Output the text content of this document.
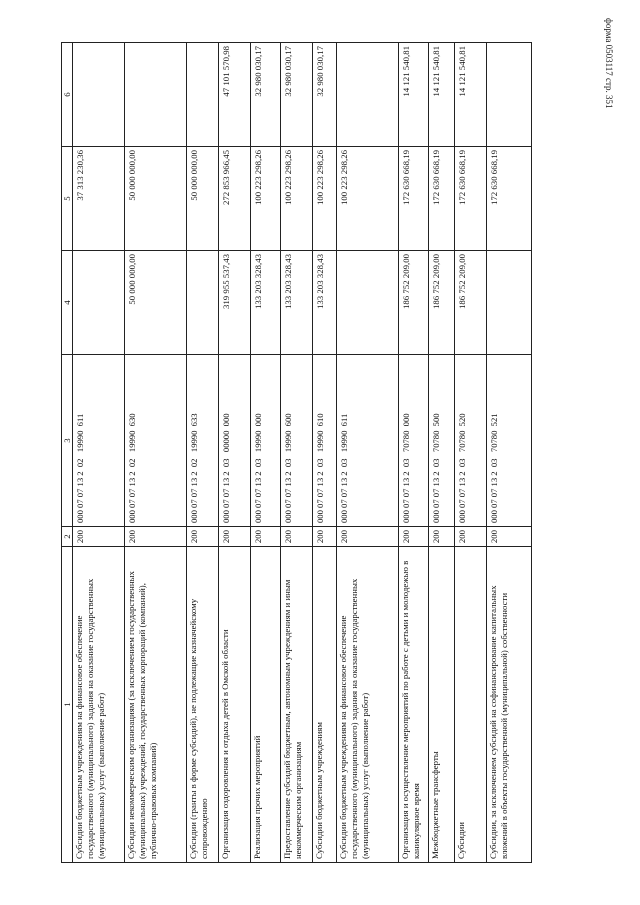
форма 0503117 стр. 351
1	2	3	4	5	6
Субсидии бюджетным учреждениям на финансовое обеспечение государственного (муниципального) задания на оказание государственных (муниципальных) услуг (выполнение работ)	200	000 07 07 13 2  02   19990  611		37 313 230,36	
Субсидии некоммерческим организациям (за исключением государственных (муниципальных) учреждений, государственных корпораций (компаний), публично-правовых компаний)	200	000 07 07 13 2  02   19990  630	50 000 000,00	50 000 000,00	
Субсидии (гранты в форме субсидий), не подлежащие казначейскому сопровождению	200	000 07 07 13 2  02   19990  633		50 000 000,00	
Организация оздоровления и отдыха детей в Омской области	200	000 07 07 13 2  03   00000  000	319 955 537,43	272 853 966,45	47 101 570,98
Реализация прочих мероприятий	200	000 07 07 13 2  03   19990  000	133 203 328,43	100 223 298,26	32 980 030,17
Предоставление субсидий бюджетным, автономным учреждениям и иным некоммерческим организациям	200	000 07 07 13 2  03   19990  600	133 203 328,43	100 223 298,26	32 980 030,17
Субсидии бюджетным учреждениям	200	000 07 07 13 2  03   19990  610	133 203 328,43	100 223 298,26	32 980 030,17
Субсидии бюджетным учреждениям на финансовое обеспечение государственного (муниципального) задания на оказание государственных (муниципальных) услуг (выполнение работ)	200	000 07 07 13 2  03   19990  611		100 223 298,26	
Организация и осуществление мероприятий по работе с детьми и молодежью в каникулярное время	200	000 07 07 13 2  03   70780  000	186 752 209,00	172 630 668,19	14 121 540,81
Межбюджетные трансферты	200	000 07 07 13 2  03   70780  500	186 752 209,00	172 630 668,19	14 121 540,81
Субсидии	200	000 07 07 13 2  03   70780  520	186 752 209,00	172 630 668,19	14 121 540,81
Субсидии, за исключением субсидий на софинансирование капитальных вложений в объекты государственной (муниципальной) собственности	200	000 07 07 13 2  03   70780  521		172 630 668,19	
